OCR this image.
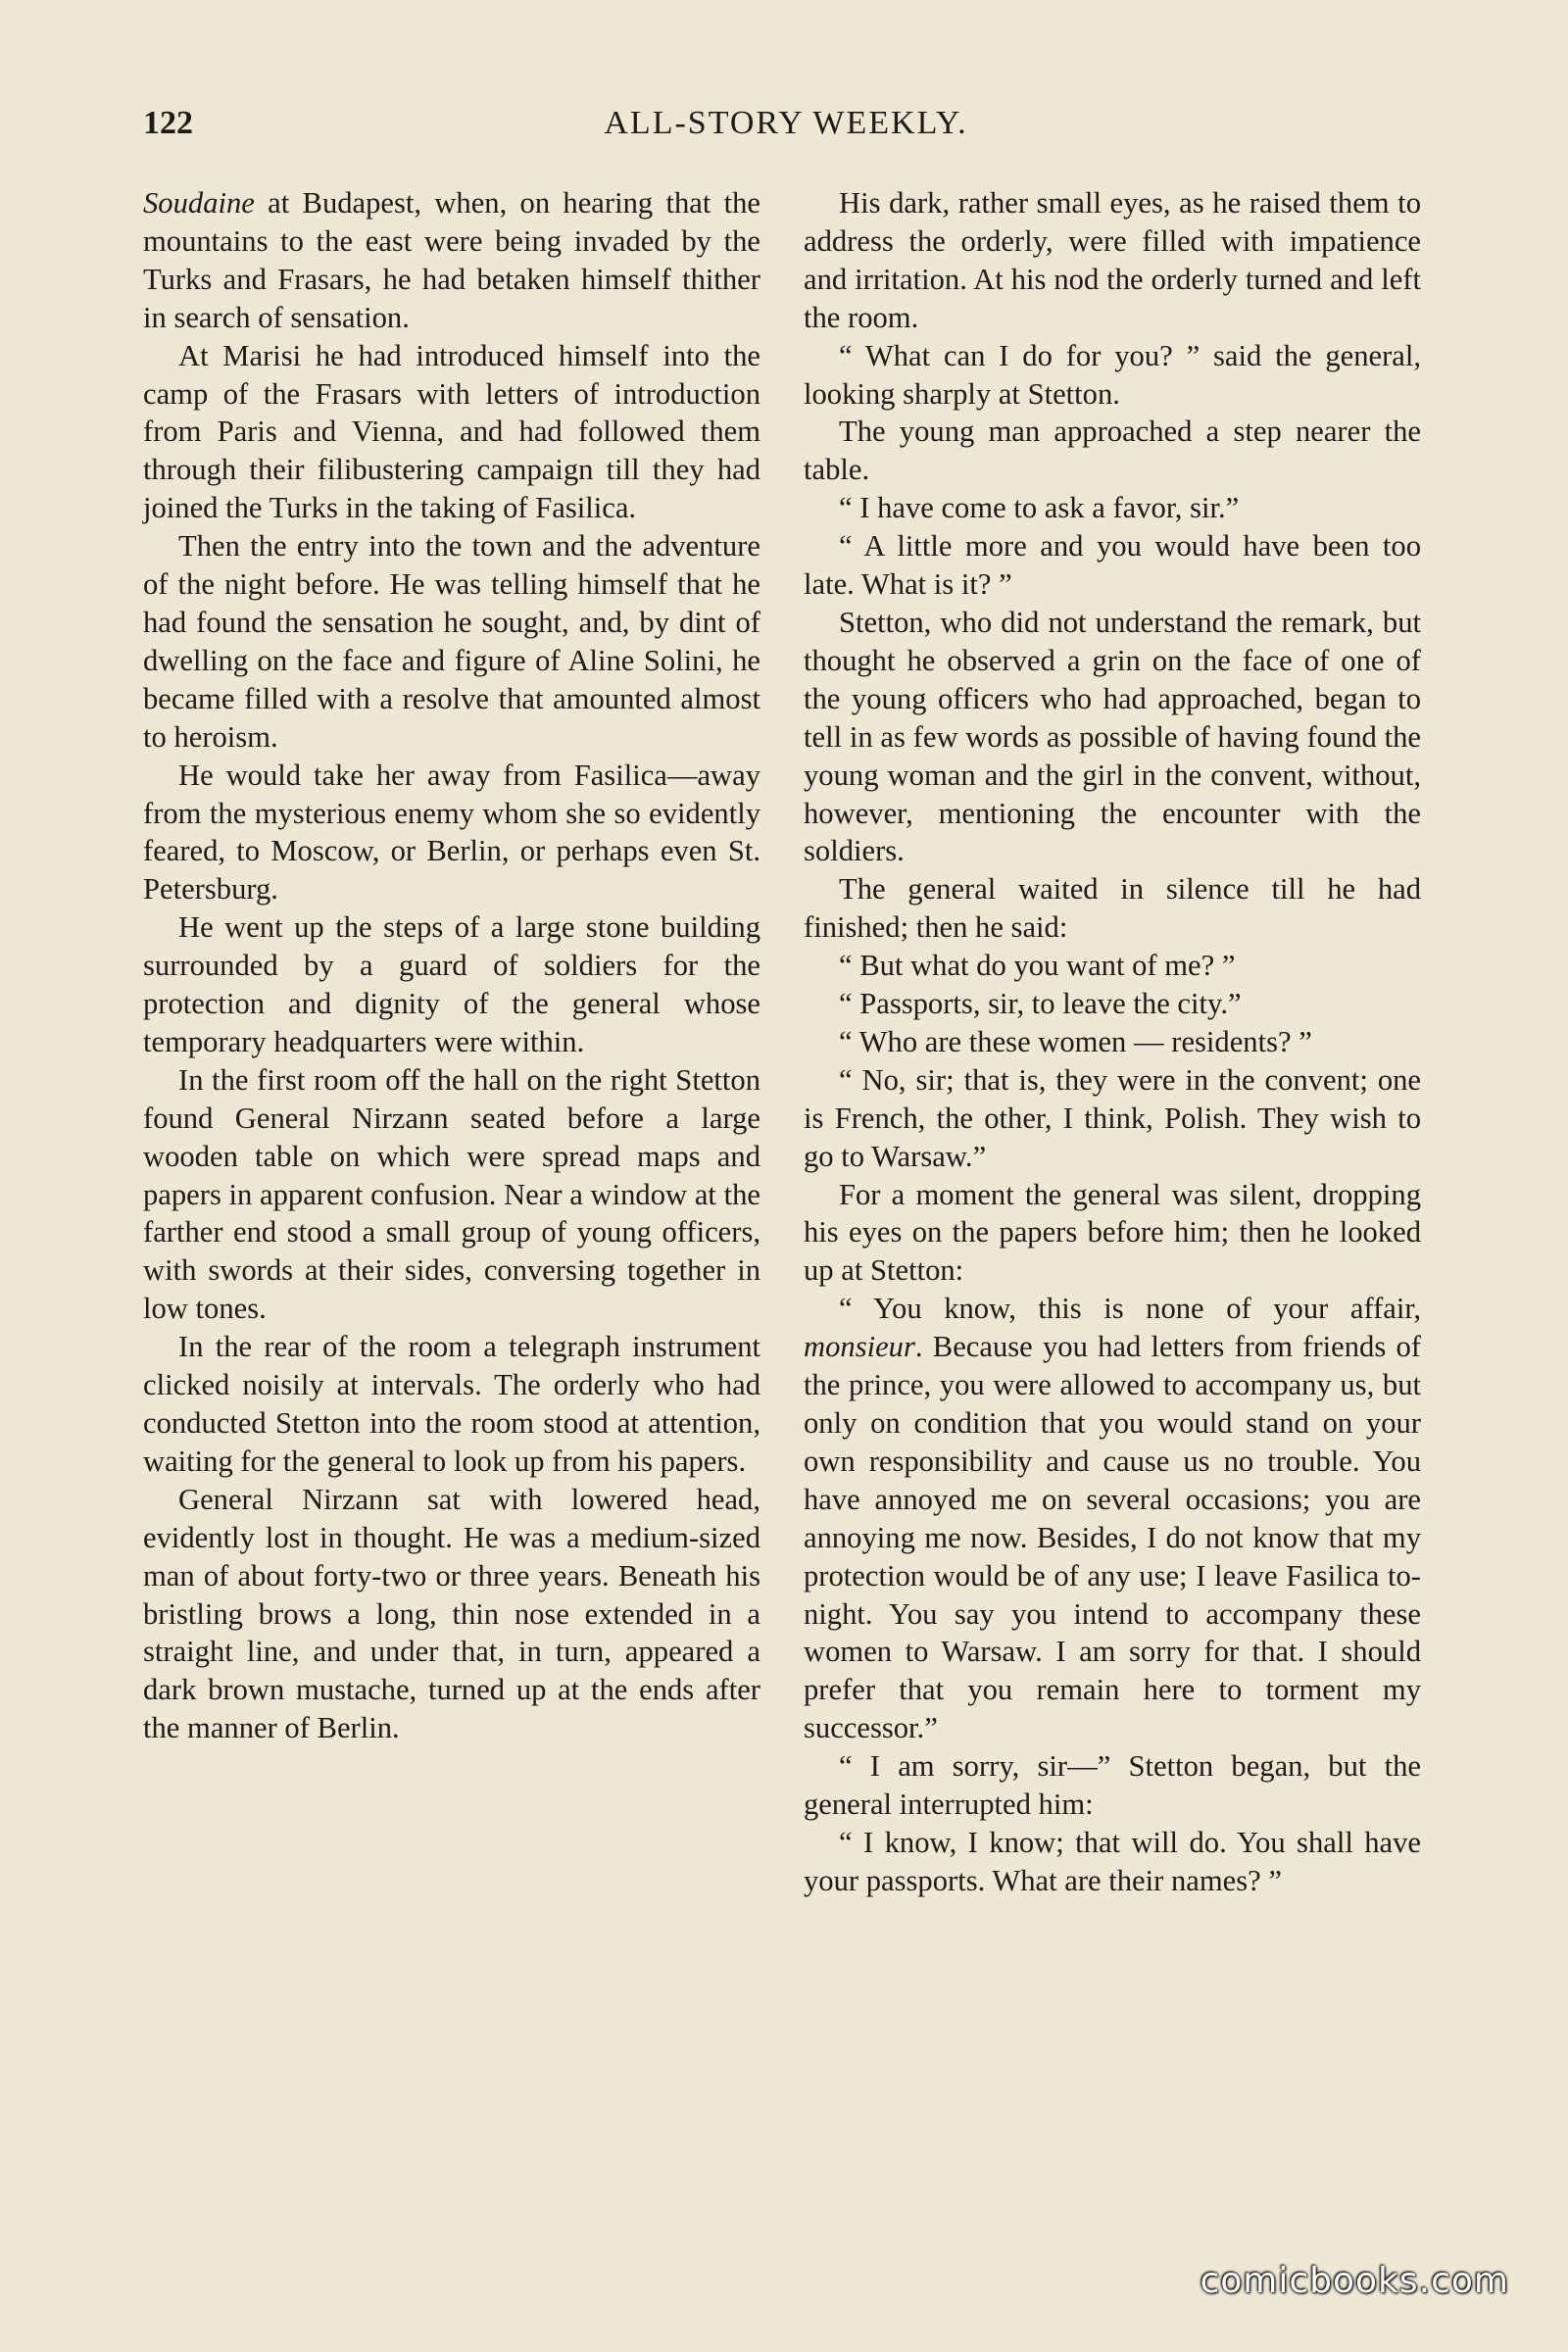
122	ALL-STORY WEEKLY.

Soudaine at Budapest, when, on hearing that the mountains to the east were being invaded by the Turks and Frasars, he had betaken himself thither in search of sensation.

At Marisi he had introduced himself into the camp of the Frasars with letters of introduction from Paris and Vienna, and had followed them through their filibustering campaign till they had joined the Turks in the taking of Fasilica.

Then the entry into the town and the adventure of the night before. He was telling himself that he had found the sensation he sought, and, by dint of dwelling on the face and figure of Aline Solini, he became filled with a resolve that amounted almost to heroism.

He would take her away from Fasilica—away from the mysterious enemy whom she so evidently feared, to Moscow, or Berlin, or perhaps even St. Petersburg.

He went up the steps of a large stone building surrounded by a guard of soldiers for the protection and dignity of the general whose temporary headquarters were within.

In the first room off the hall on the right Stetton found General Nirzann seated before a large wooden table on which were spread maps and papers in apparent confusion. Near a window at the farther end stood a small group of young officers, with swords at their sides, conversing together in low tones.

In the rear of the room a telegraph instrument clicked noisily at intervals. The orderly who had conducted Stetton into the room stood at attention, waiting for the general to look up from his papers.

General Nirzann sat with lowered head, evidently lost in thought. He was a medium-sized man of about forty-two or three years. Beneath his bristling brows a long, thin nose extended in a straight line, and under that, in turn, appeared a dark brown mustache, turned up at the ends after the manner of Berlin.

His dark, rather small eyes, as he raised them to address the orderly, were filled with impatience and irritation. At his nod the orderly turned and left the room.

“ What can I do for you? ” said the general, looking sharply at Stetton.

The young man approached a step nearer the table.

“ I have come to ask a favor, sir.”

“ A little more and you would have been too late. What is it? ”

Stetton, who did not understand the remark, but thought he observed a grin on the face of one of the young officers who had approached, began to tell in as few words as possible of having found the young woman and the girl in the convent, without, however, mentioning the encounter with the soldiers.

The general waited in silence till he had finished; then he said:

“ But what do you want of me? ”

“ Passports, sir, to leave the city.”

“ Who are these women — residents? ”

“ No, sir; that is, they were in the convent; one is French, the other, I think, Polish. They wish to go to Warsaw.”

For a moment the general was silent, dropping his eyes on the papers before him; then he looked up at Stetton:

“ You know, this is none of your affair, monsieur. Because you had letters from friends of the prince, you were allowed to accompany us, but only on condition that you would stand on your own responsibility and cause us no trouble. You have annoyed me on several occasions; you are annoying me now. Besides, I do not know that my protection would be of any use; I leave Fasilica to-night. You say you intend to accompany these women to Warsaw. I am sorry for that. I should prefer that you remain here to torment my successor.”

“ I am sorry, sir—” Stetton began, but the general interrupted him:

“ I know, I know; that will do. You shall have your passports. What are their names? ”

comicbooks.com
